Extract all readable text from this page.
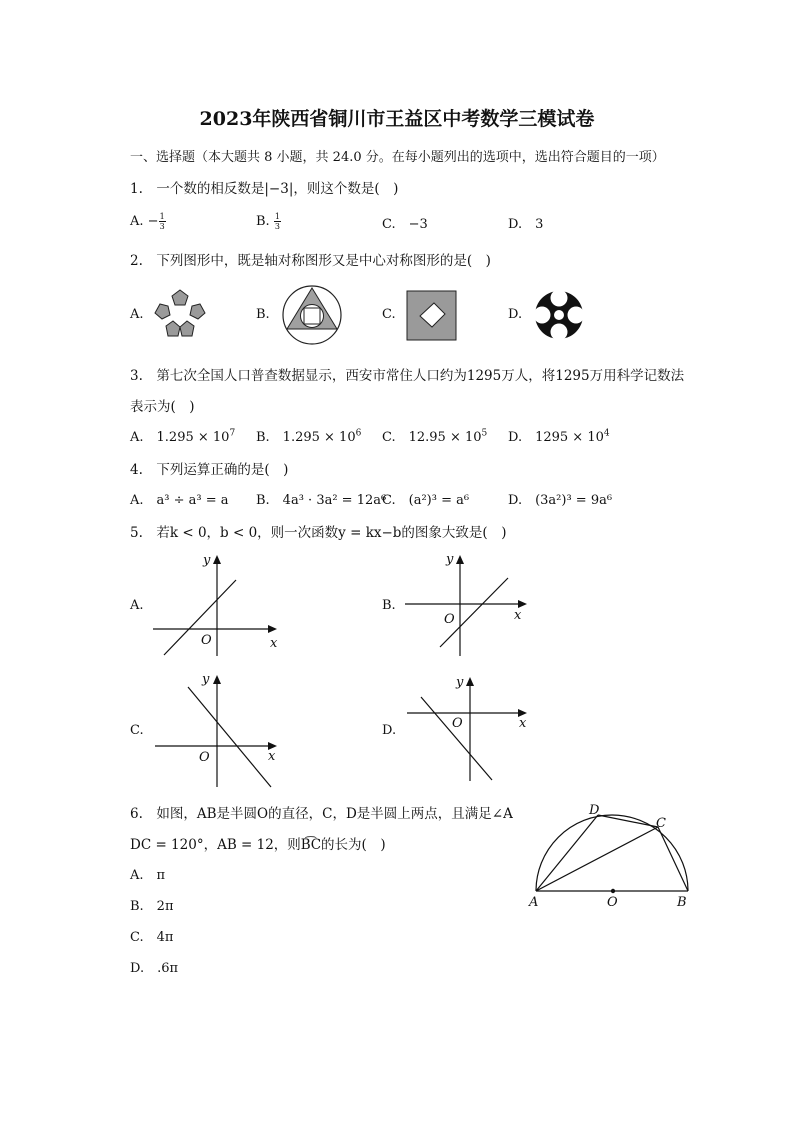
2023年陕西省铜川市王益区中考数学三模试卷
一、选择题（本大题共 8 小题，共 24.0 分。在每小题列出的选项中，选出符合题目的一项）
1.　一个数的相反数是|−3|，则这个数是(　)
A. − $\frac{1}{3}$	B. $\frac{1}{3}$	C.　−3	D.　3
2.　下列图形中，既是轴对称图形又是中心对称图形的是(　)
A.	B.	C.	D.
3.　第七次全国人口普查数据显示，西安市常住人口约为1295万人，将1295万用科学记数法
表示为(　)
A.　$1.295 \times 10^7$ B.　$1.295 \times 10^6$ C.　$12.95 \times 10^5$ D.　$1295 \times 10^4$
4.　下列运算正确的是(　)
A.　a³ ÷ a³ = a B.　4a³ · 3a² = 12a⁶
C.　(a²)³ = a⁶	D.　(3a²)³ = 9a⁶
5.　若k < 0，b < 0，则一次函数y = kx−b的图象大致是(　)
A.	B.
C.	D.
x
y
O
x
y
O
x
y
O
x
y
O
6.　如图，AB是半圆O的直径，C，D是半圆上两点，且满足∠A
DC = 120°，AB = 12，则B͡C的长为(　)
A.　π
B.　2π
C.　4π
D.　.6π
A	B
C
D
O
